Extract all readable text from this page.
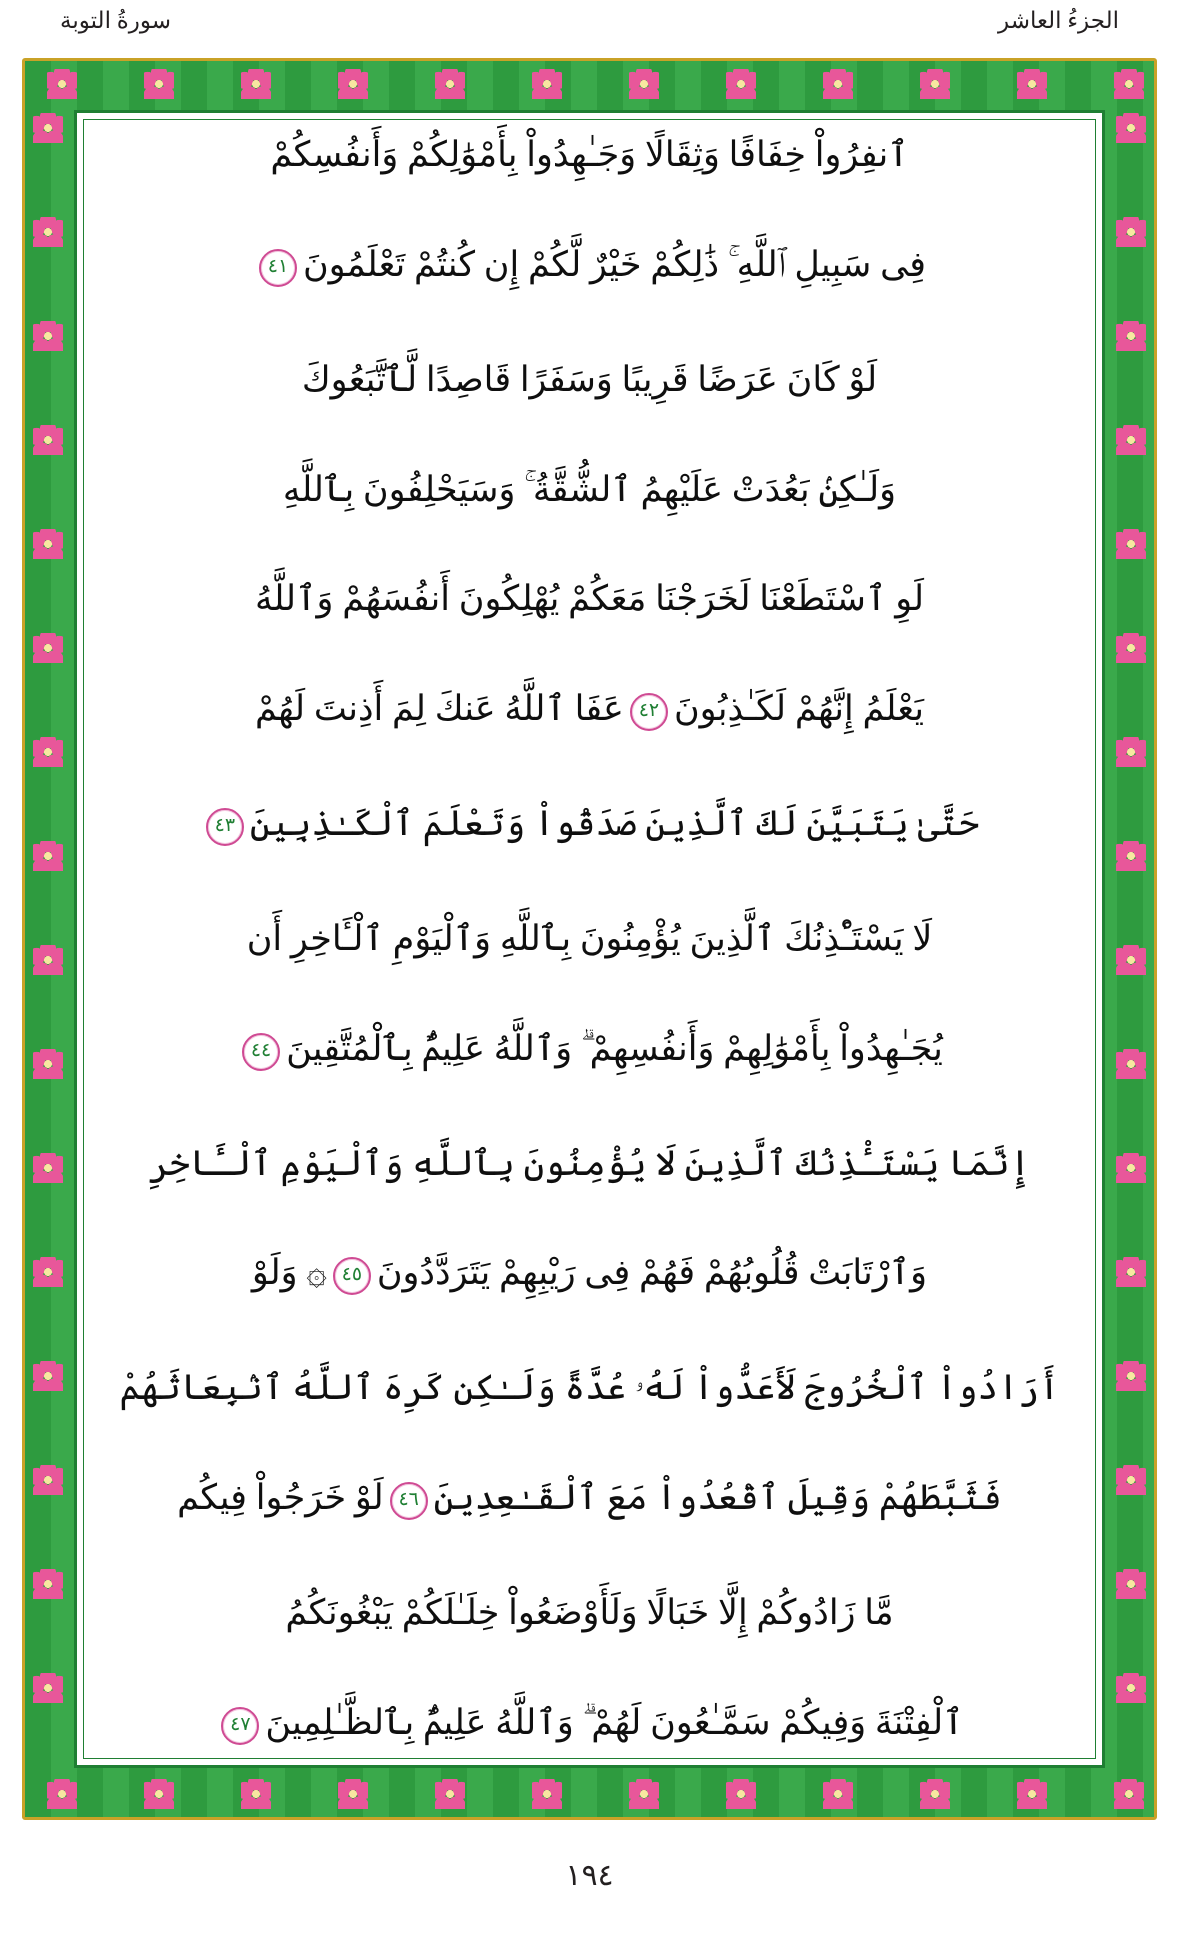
الجزءُ العاشر
سورةُ التوبة
ٱنفِرُواْ خِفَافًا وَثِقَالًا وَجَـٰهِدُواْ بِأَمْوَٰلِكُمْ وَأَنفُسِكُمْ
فِى سَبِيلِ ٱللَّهِ ۚ ذَٰلِكُمْ خَيْرٌ لَّكُمْ إِن كُنتُمْ تَعْلَمُونَ٤١
لَوْ كَانَ عَرَضًا قَرِيبًا وَسَفَرًا قَاصِدًا لَّٱتَّبَعُوكَ
وَلَـٰكِنۢ بَعُدَتْ عَلَيْهِمُ ٱلشُّقَّةُ ۚ وَسَيَحْلِفُونَ بِٱللَّهِ
لَوِ ٱسْتَطَعْنَا لَخَرَجْنَا مَعَكُمْ يُهْلِكُونَ أَنفُسَهُمْ وَٱللَّهُ
يَعْلَمُ إِنَّهُمْ لَكَـٰذِبُونَ٤٢عَفَا ٱللَّهُ عَنكَ لِمَ أَذِنتَ لَهُمْ
حَتَّىٰ يَتَبَيَّنَ لَكَ ٱلَّذِينَ صَدَقُواْ وَتَعْلَمَ ٱلْكَـٰذِبِينَ٤٣
لَا يَسْتَـْٔذِنُكَ ٱلَّذِينَ يُؤْمِنُونَ بِٱللَّهِ وَٱلْيَوْمِ ٱلْـَٔاخِرِ أَن
يُجَـٰهِدُواْ بِأَمْوَٰلِهِمْ وَأَنفُسِهِمْ ۗ وَٱللَّهُ عَلِيمٌۢ بِٱلْمُتَّقِينَ٤٤
إِنَّمَا يَسْتَـْٔذِنُكَ ٱلَّذِينَ لَا يُؤْمِنُونَ بِٱللَّهِ وَٱلْيَوْمِ ٱلْـَٔاخِرِ
وَٱرْتَابَتْ قُلُوبُهُمْ فَهُمْ فِى رَيْبِهِمْ يَتَرَدَّدُونَ٤٥۞ وَلَوْ
أَرَادُواْ ٱلْخُرُوجَ لَأَعَدُّواْ لَهُۥ عُدَّةً وَلَـٰكِن كَرِهَ ٱللَّهُ ٱنۢبِعَاثَهُمْ
فَثَبَّطَهُمْ وَقِيلَ ٱقْعُدُواْ مَعَ ٱلْقَـٰعِدِينَ٤٦لَوْ خَرَجُواْ فِيكُم
مَّا زَادُوكُمْ إِلَّا خَبَالًا وَلَأَوْضَعُواْ خِلَـٰلَكُمْ يَبْغُونَكُمُ
ٱلْفِتْنَةَ وَفِيكُمْ سَمَّـٰعُونَ لَهُمْ ۗ وَٱللَّهُ عَلِيمٌۢ بِٱلظَّـٰلِمِينَ٤٧
١٩٤
